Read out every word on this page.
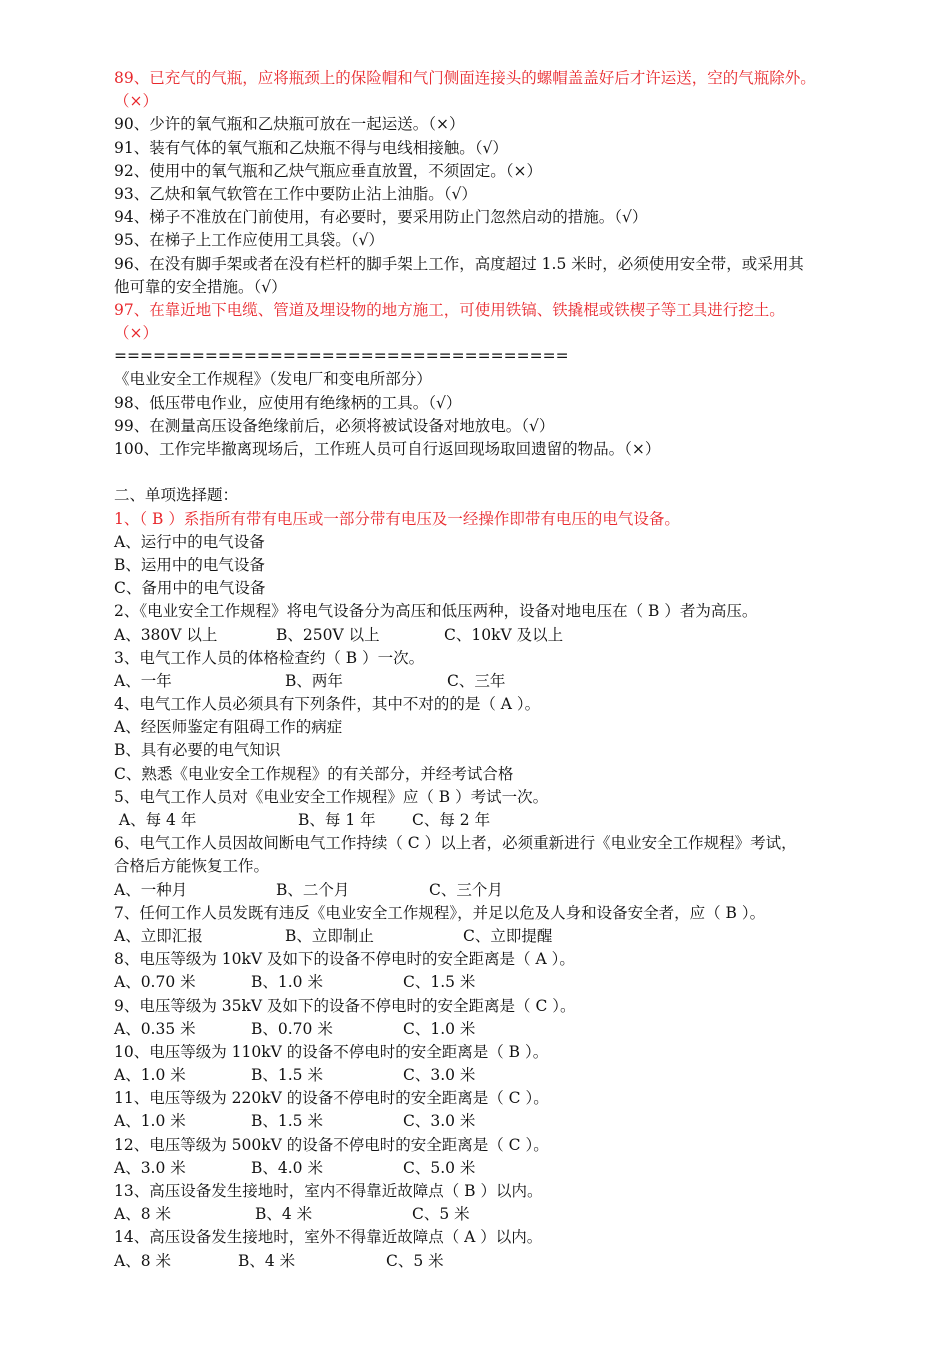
89、已充气的气瓶，应将瓶颈上的保险帽和气门侧面连接头的螺帽盖盖好后才许运送，空的气瓶除外。
（×）
90、少许的氧气瓶和乙炔瓶可放在一起运送。（×）
91、装有气体的氧气瓶和乙炔瓶不得与电线相接触。（√）
92、使用中的氧气瓶和乙炔气瓶应垂直放置，不须固定。（×）
93、乙炔和氧气软管在工作中要防止沾上油脂。（√）
94、梯子不准放在门前使用，有必要时，要采用防止门忽然启动的措施。（√）
95、在梯子上工作应使用工具袋。（√）
96、在没有脚手架或者在没有栏杆的脚手架上工作，高度超过 1.5 米时，必须使用安全带，或采用其
他可靠的安全措施。（√）
97、在靠近地下电缆、管道及埋设物的地方施工，可使用铁镐、铁撬棍或铁楔子等工具进行挖土。
（×）
===================================
《电业安全工作规程》（发电厂和变电所部分）
98、低压带电作业，应使用有绝缘柄的工具。（√）
99、在测量高压设备绝缘前后，必须将被试设备对地放电。（√）
100、工作完毕撤离现场后，工作班人员可自行返回现场取回遗留的物品。（×）
二、单项选择题：
1、（ B ）系指所有带有电压或一部分带有电压及一经操作即带有电压的电气设备。
A、运行中的电气设备
B、运用中的电气设备
C、备用中的电气设备
2、《电业安全工作规程》将电气设备分为高压和低压两种，设备对地电压在（ B ）者为高压。

A、380V 以上

	B、250V 以上

	C、10kV 及以上

3、电气工作人员的体格检查约（ B ）一次。

A、一年

	B、两年

	C、三年

4、电气工作人员必须具有下列条件，其中不对的的是（ A ）。
A、经医师鉴定有阻碍工作的病症
B、具有必要的电气知识
C、熟悉《电业安全工作规程》的有关部分，并经考试合格
5、电气工作人员对《电业安全工作规程》应（ B ）考试一次。

A、每 4 年

	B、每 1 年

C、每 2 年

6、电气工作人员因故间断电气工作持续（ C ）以上者，必须重新进行《电业安全工作规程》考试，
合格后方能恢复工作。

A、一种月

	B、二个月

	C、三个月

7、任何工作人员发既有违反《电业安全工作规程》，并足以危及人身和设备安全者，应（ B ）。

A、立即汇报

	B、立即制止

	C、立即提醒

8、电压等级为 10kV 及如下的设备不停电时的安全距离是（ A ）。

A、0.70 米

	B、1.0 米

	C、1.5 米

9、电压等级为 35kV 及如下的设备不停电时的安全距离是（ C ）。

A、0.35 米

	B、0.70 米

	C、1.0 米

10、电压等级为 110kV 的设备不停电时的安全距离是（ B ）。

A、1.0 米

	B、1.5 米

	C、3.0 米

11、电压等级为 220kV 的设备不停电时的安全距离是（ C ）。

A、1.0 米

	B、1.5 米

	C、3.0 米

12、电压等级为 500kV 的设备不停电时的安全距离是（ C ）。

A、3.0 米

	B、4.0 米

	C、5.0 米

13、高压设备发生接地时，室内不得靠近故障点（ B ）以内。

A、8 米

	B、4 米

	C、5 米

14、高压设备发生接地时，室外不得靠近故障点（ A ）以内。

A、8 米

	B、4 米

	C、5 米
